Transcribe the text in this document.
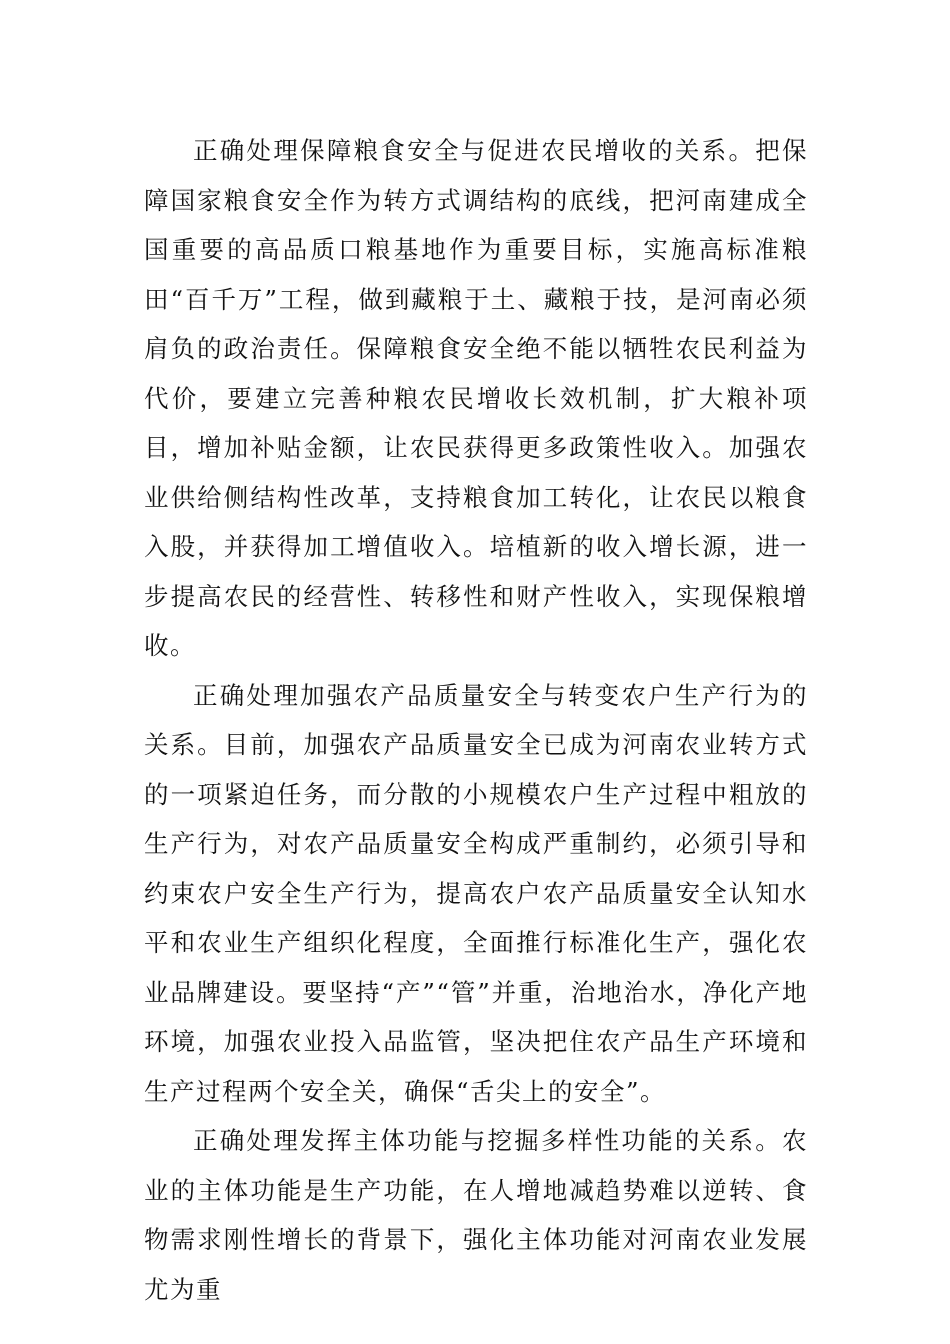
正确处理保障粮食安全与促进农民增收的关系。把保障国家粮食安全作为转方式调结构的底线，把河南建成全国重要的高品质口粮基地作为重要目标，实施高标准粮田“百千万”工程，做到藏粮于土、藏粮于技，是河南必须肩负的政治责任。保障粮食安全绝不能以牺牲农民利益为代价，要建立完善种粮农民增收长效机制，扩大粮补项目，增加补贴金额，让农民获得更多政策性收入。加强农业供给侧结构性改革，支持粮食加工转化，让农民以粮食入股，并获得加工增值收入。培植新的收入增长源，进一步提高农民的经营性、转移性和财产性收入，实现保粮增收。

正确处理加强农产品质量安全与转变农户生产行为的关系。目前，加强农产品质量安全已成为河南农业转方式的一项紧迫任务，而分散的小规模农户生产过程中粗放的生产行为，对农产品质量安全构成严重制约，必须引导和约束农户安全生产行为，提高农户农产品质量安全认知水平和农业生产组织化程度，全面推行标准化生产，强化农业品牌建设。要坚持“产”“管”并重，治地治水，净化产地环境，加强农业投入品监管，坚决把住农产品生产环境和生产过程两个安全关，确保“舌尖上的安全”。

正确处理发挥主体功能与挖掘多样性功能的关系。农业的主体功能是生产功能，在人增地减趋势难以逆转、食物需求刚性增长的背景下，强化主体功能对河南农业发展尤为重
